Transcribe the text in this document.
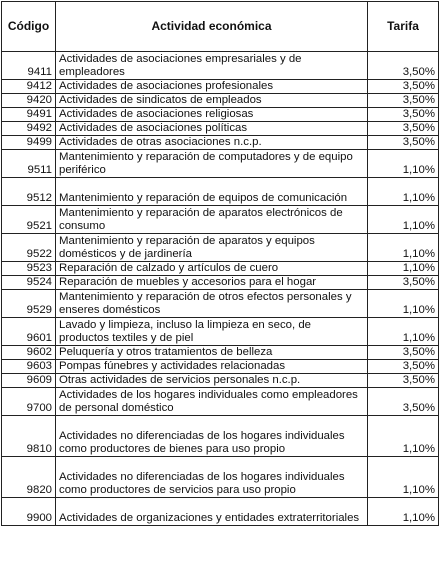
Código	Actividad económica	Tarifa
9411	Actividades de asociaciones empresariales y de empleadores	3,50%
9412	Actividades de asociaciones profesionales	3,50%
9420	Actividades de sindicatos de empleados	3,50%
9491	Actividades de asociaciones religiosas	3,50%
9492	Actividades de asociaciones políticas	3,50%
9499	Actividades de otras asociaciones n.c.p.	3,50%
9511	Mantenimiento y reparación de computadores y de equipo periférico	1,10%
9512	Mantenimiento y reparación de equipos de comunicación	1,10%
9521	Mantenimiento y reparación de aparatos electrónicos de consumo	1,10%
9522	Mantenimiento y reparación de aparatos y equipos domésticos y de jardinería	1,10%
9523	Reparación de calzado y artículos de cuero	1,10%
9524	Reparación de muebles y accesorios para el hogar	3,50%
9529	Mantenimiento y reparación de otros efectos personales y enseres domésticos	1,10%
9601	Lavado y limpieza, incluso la limpieza en seco, de productos textiles y de piel	1,10%
9602	Peluquería y otros tratamientos de belleza	3,50%
9603	Pompas fúnebres y actividades relacionadas	3,50%
9609	Otras actividades de servicios personales n.c.p.	3,50%
9700	Actividades de los hogares individuales como empleadores de personal doméstico	3,50%
9810	Actividades no diferenciadas de los hogares individuales como productores de bienes para uso propio	1,10%
9820	Actividades no diferenciadas de los hogares individuales como productores de servicios para uso propio	1,10%
9900	Actividades de organizaciones y entidades extraterritoriales	1,10%
